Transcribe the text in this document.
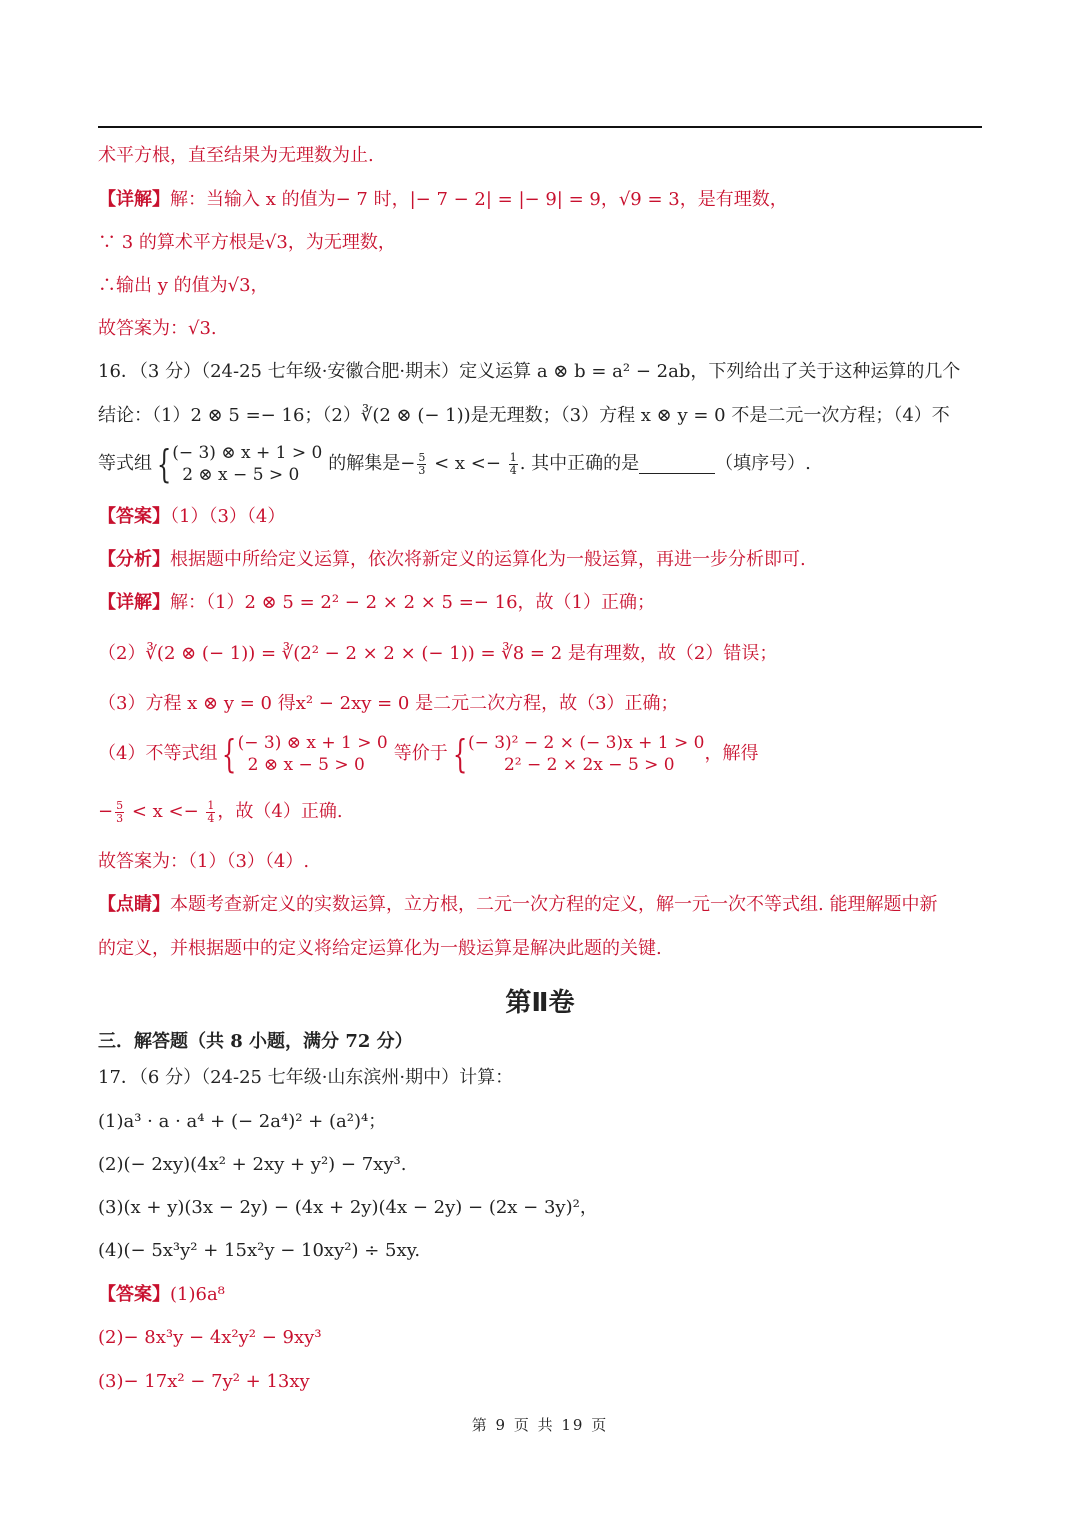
术平方根，直至结果为无理数为止.
【详解】解：当输入 x 的值为− 7 时，|− 7 − 2| = |− 9| = 9，√9 = 3，是有理数，
∵ 3 的算术平方根是√3，为无理数，
∴输出 y 的值为√3，
故答案为：√3.
16．（3 分）（24-25 七年级·安徽合肥·期末）定义运算 a ⊗ b = a² − 2ab，下列给出了关于这种运算的几个
结论：（1）2 ⊗ 5 =− 16；（2）∛(2 ⊗ (− 1))是无理数；（3）方程 x ⊗ y = 0 不是二元一次方程；（4）不
等式组 { (− 3) ⊗ x + 1 > 0
2 ⊗ x − 5 > 0
的解集是− $\frac{5}{3} < x <- \frac{1}{4}$ . 其中正确的是	（填序号）.
【答案】（1）（3）（4）
【分析】根据题中所给定义运算，依次将新定义的运算化为一般运算，再进一步分析即可.
【详解】解：（1）2 ⊗ 5 = 2² − 2 × 2 × 5 =− 16，故（1）正确；
（2）∛(2 ⊗ (− 1)) = ∛(2² − 2 × 2 × (− 1)) = ∛8 = 2 是有理数，故（2）错误；
（3）方程 x ⊗ y = 0 得x² − 2xy = 0 是二元二次方程，故（3）正确；
（4）不等式组 { (− 3) ⊗ x + 1 > 0
2 ⊗ x − 5 > 0
等价于 { (− 3)² − 2 × (− 3)x + 1 > 0
2² − 2 × 2x − 5 > 0
，解得
− $\frac{5}{3} < x <- \frac{1}{4}$ ，故（4）正确.
故答案为：（1）（3）（4）.
【点睛】本题考查新定义的实数运算，立方根，二元一次方程的定义，解一元一次不等式组. 能理解题中新
的定义，并根据题中的定义将给定运算化为一般运算是解决此题的关键.
第Ⅱ卷
三．解答题（共 8 小题，满分 72 分）
17．（6 分）（24-25 七年级·山东滨州·期中）计算：
(1)a³ · a · a⁴ + (− 2a⁴)² + (a²)⁴；
(2)(− 2xy)(4x² + 2xy + y²) − 7xy³.
(3)(x + y)(3x − 2y) − (4x + 2y)(4x − 2y) − (2x − 3y)²，
(4)(− 5x³y² + 15x²y − 10xy²) ÷ 5xy.
【答案】(1)6a⁸
(2)− 8x³y − 4x²y² − 9xy³
(3)− 17x² − 7y² + 13xy
第 9 页 共 19 页
